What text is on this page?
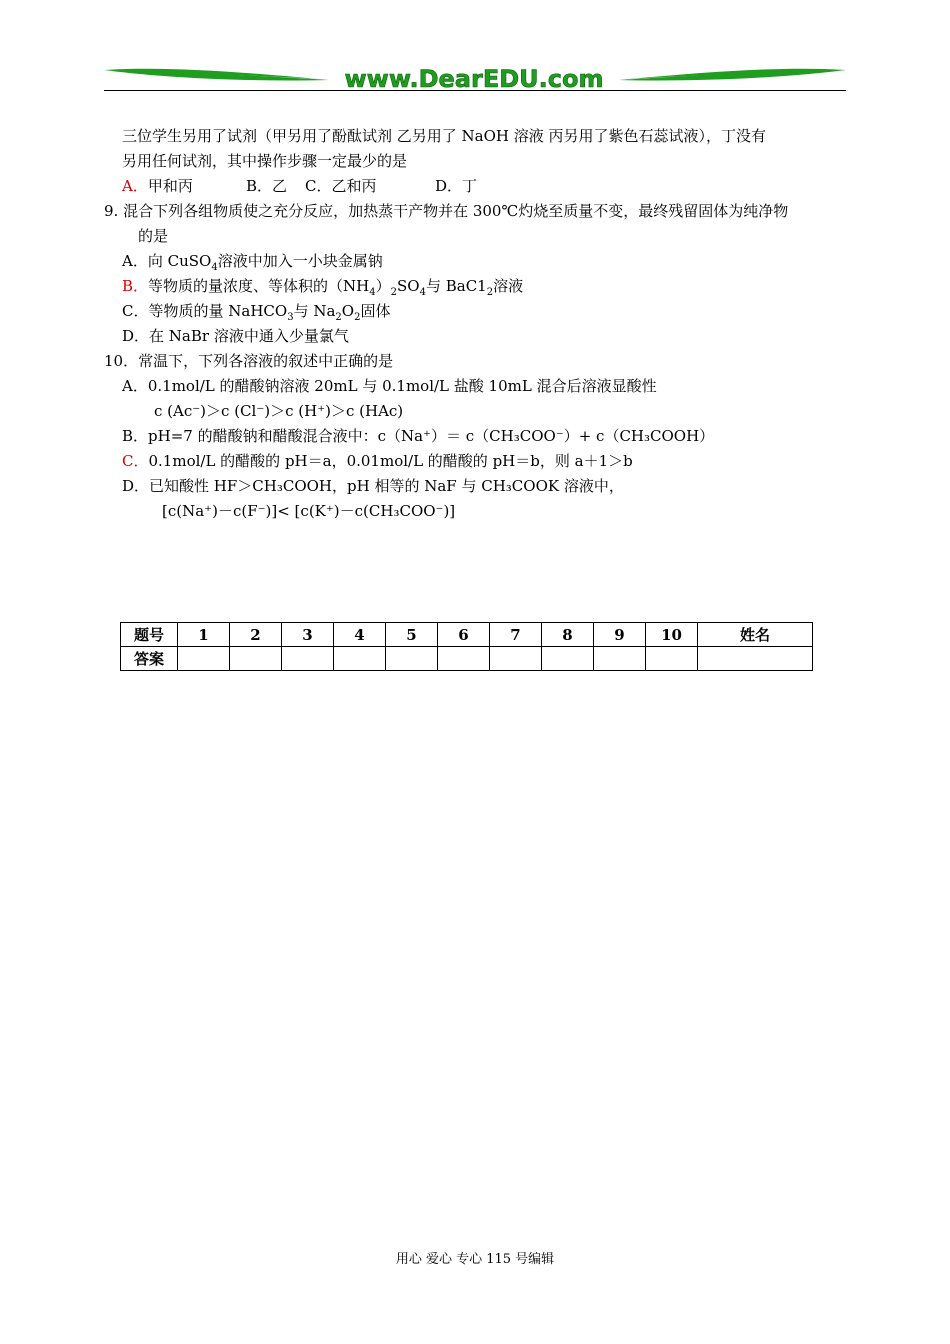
www.DearEDU.com
三位学生另用了试剂（甲另用了酚酞试剂 乙另用了 NaOH 溶液 丙另用了紫色石蕊试液），丁没有
另用任何试剂，其中操作步骤一定最少的是
A．甲和丙	B．乙 C．乙和丙	D．丁
9. 混合下列各组物质使之充分反应，加热蒸干产物并在 300℃灼烧至质量不变，最终残留固体为纯净物
的是
A．向 CuSO$_4$溶液中加入一小块金属钠
B．等物质的量浓度、等体积的$(NH_4)_2SO_4$与 $BaC1_2$溶液
C．等物质的量 NaHCO$_3$与 $Na_2O_2$固体
D．在 NaBr 溶液中通入少量氯气
10．常温下，下列各溶液的叙述中正确的是
A．0.1mol/L 的醋酸钠溶液 20mL 与 0.1mol/L 盐酸 10mL 混合后溶液显酸性
c (Ac⁻)＞c (Cl⁻)＞c (H⁺)＞c (HAc)
B．pH=7 的醋酸钠和醋酸混合液中：c（Na⁺）＝ c（CH₃COO⁻）+ c（CH₃COOH）
C．0.1mol/L 的醋酸的 pH＝a，0.01mol/L 的醋酸的 pH＝b，则 a＋1＞b
D．已知酸性 HF＞CH₃COOH，pH 相等的 NaF 与 CH₃COOK 溶液中，
[c(Na⁺)－c(F⁻)]< [c(K⁺)－c(CH₃COO⁻)]
题号	1	2	3	4	5	6	7	8	9	10	姓名
答案											
用心 爱心 专心 115 号编辑
